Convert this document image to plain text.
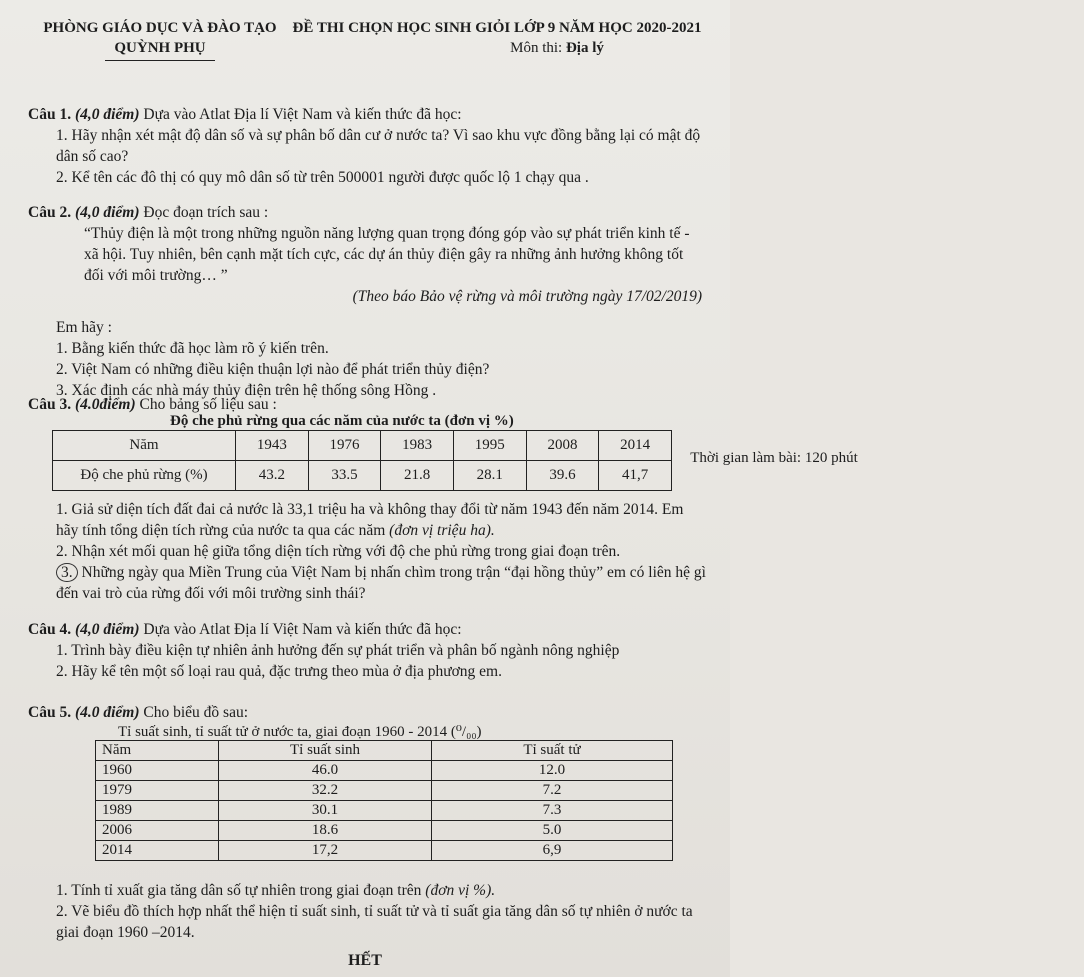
PHÒNG GIÁO DỤC VÀ ĐÀO TẠO
QUỲNH PHỤ
ĐỀ THI CHỌN HỌC SINH GIỎI LỚP 9 NĂM HỌC 2020-2021
Môn thi: Địa lý
Thời gian làm bài: 120 phút
Câu 1. (4,0 điểm) Dựa vào Atlat Địa lí Việt Nam và kiến thức đã học:
1. Hãy nhận xét mật độ dân số và sự phân bố dân cư ở nước ta? Vì sao khu vực đồng bằng lại có mật độ dân số cao?
2. Kể tên các đô thị có quy mô dân số từ trên 500001 người được quốc lộ 1 chạy qua .
Câu 2. (4,0 điểm) Đọc đoạn trích sau :
“Thủy điện là một trong những nguồn năng lượng quan trọng đóng góp vào sự phát triển kinh tế - xã hội. Tuy nhiên, bên cạnh mặt tích cực, các dự án thủy điện gây ra những ảnh hưởng không tốt đối với môi trường… ”
(Theo báo Bảo vệ rừng và môi trường ngày 17/02/2019)
Em hãy :
1. Bằng kiến thức đã học làm rõ ý kiến trên.
2. Việt Nam có những điều kiện thuận lợi nào để phát triển thủy điện?
3. Xác định các nhà máy thủy điện trên hệ thống sông Hồng .
Câu 3. (4.0điểm) Cho bảng số liệu sau :
Độ che phủ rừng qua các năm của nước ta (đơn vị %)
Năm	1943	1976	1983	1995	2008	2014
Độ che phủ rừng (%)	43.2	33.5	21.8	28.1	39.6	41,7
1. Giả sử diện tích đất đai cả nước là 33,1 triệu ha và không thay đổi từ năm 1943 đến năm 2014. Em hãy tính tổng diện tích rừng của nước ta qua các năm (đơn vị triệu ha).
2. Nhận xét mối quan hệ giữa tổng diện tích rừng với độ che phủ rừng trong giai đoạn trên.
3. Những ngày qua Miền Trung của Việt Nam bị nhấn chìm trong trận “đại hồng thủy” em có liên hệ gì đến vai trò của rừng đối với môi trường sinh thái?
Câu 4. (4,0 điểm) Dựa vào Atlat Địa lí Việt Nam và kiến thức đã học:
1. Trình bày điều kiện tự nhiên ảnh hưởng đến sự phát triển và phân bố ngành nông nghiệp
2. Hãy kể tên một số loại rau quả, đặc trưng theo mùa ở địa phương em.
Câu 5. (4.0 điểm) Cho biểu đồ sau:
Tỉ suất sinh, tỉ suất tử ở nước ta, giai đoạn 1960 - 2014 (⁰/₀₀)
Năm	Tỉ suất sinh	Tỉ suất tử
1960	46.0	12.0
1979	32.2	7.2
1989	30.1	7.3
2006	18.6	5.0
2014	17,2	6,9
1. Tính tỉ xuất gia tăng dân số tự nhiên trong giai đoạn trên (đơn vị %).
2. Vẽ biểu đồ thích hợp nhất thể hiện tỉ suất sinh, tỉ suất tử và tỉ suất gia tăng dân số tự nhiên ở nước ta giai đoạn 1960 –2014.
HẾT
